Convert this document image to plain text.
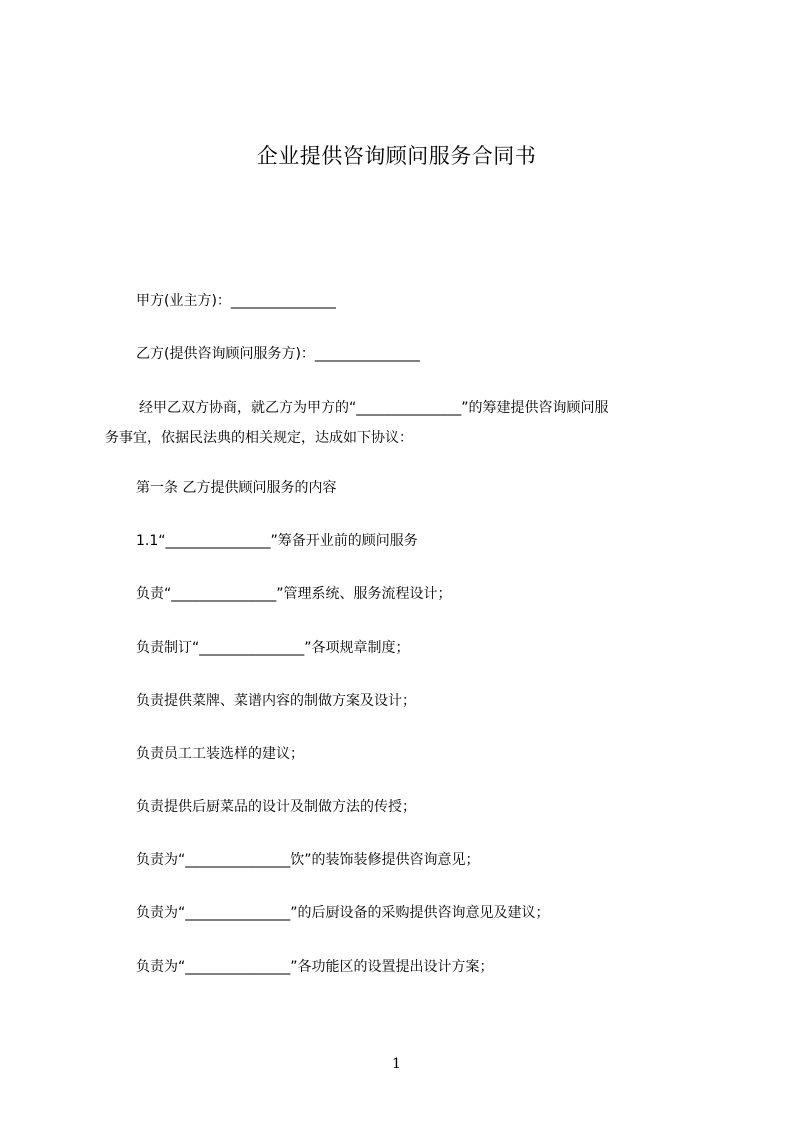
企业提供咨询顾问服务合同书
甲方(业主方)：_______________
乙方(提供咨询顾问服务方)：_______________
经甲乙双方协商，就乙方为甲方的“_______________”的筹建提供咨询顾问服
务事宜，依据民法典的相关规定，达成如下协议：
第一条 乙方提供顾问服务的内容
1.1“_______________”筹备开业前的顾问服务
负责“_______________”管理系统、服务流程设计；
负责制订“_______________”各项规章制度；
负责提供菜牌、菜谱内容的制做方案及设计；
负责员工工装选样的建议；
负责提供后厨菜品的设计及制做方法的传授；
负责为“_______________饮”的装饰装修提供咨询意见；
负责为“_______________”的后厨设备的采购提供咨询意见及建议；
负责为“_______________”各功能区的设置提出设计方案；
1
